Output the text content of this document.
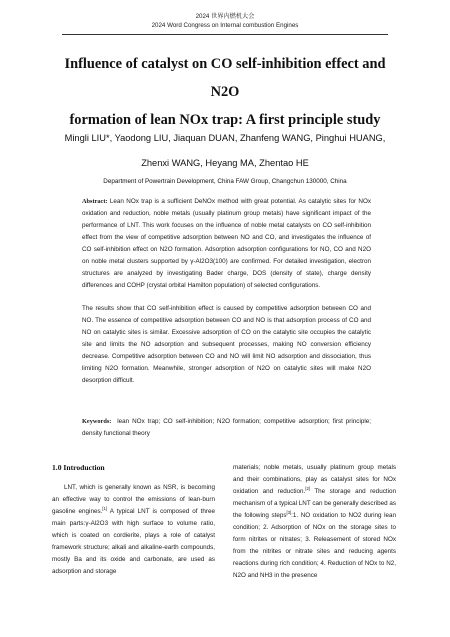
2024 世界内燃机大会
2024 Word Congress on Internal combustion Engines
Influence of catalyst on CO self-inhibition effect and N2O
formation of lean NOx trap: A first principle study
Mingli LIU*, Yaodong LIU, Jiaquan DUAN, Zhanfeng WANG, Pinghui HUANG,
Zhenxi WANG, Heyang MA, Zhentao HE
Department of Powertrain Development, China FAW Group, Changchun 130000, China

Abstract: Lean NOx trap is a sufficient DeNOx method with great potential. As catalytic sites for NOx oxidation and reduction, noble metals (usually platinum group metals) have significant impact of the performance of LNT. This work focuses on the influence of noble metal catalysts on CO self-inhibition effect from the view of competitive adsorption between NO and CO, and investigates the influence of CO self-inhibition effect on N2O formation. Adsorption adsorption configurations for NO, CO and N2O on noble metal clusters supported by γ-Al2O3(100) are confirmed. For detailed investigation, electron structures are analyzed by investigating Bader charge, DOS (density of state), charge density differences and COHP (crystal orbital Hamilton population) of selected configurations.

The results show that CO self-inhibition effect is caused by competitive adsorption between CO and NO. The essence of competitive adsorption between CO and NO is that adsorption process of CO and NO on catalytic sites is similar. Excessive adsorption of CO on the catalytic site occupies the catalytic site and limits the NO adsorption and subsequent processes, making NO conversion efficiency decrease. Competitive adsorption between CO and NO will limit NO adsorption and dissociation, thus limiting N2O formation. Meanwhile, stronger adsorption of N2O on catalytic sites will make N2O desorption difficult.

Keywords: lean NOx trap; CO self-inhibition; N2O formation; competitive adsorption; first principle; density functional theory
1.0 Introduction

LNT, which is generally known as NSR, is becoming an effective way to control the emissions of lean-burn gasoline engines.[1] A typical LNT is composed of three main parts:γ-Al2O3 with high surface to volume ratio, which is coated on cordierite, plays a role of catalyst framework structure; alkali and alkaline-earth compounds, mostly Ba and its oxide and carbonate, are used as adsorption and storage

materials; noble metals, usually platinum group metals and their combinations, play as catalyst sites for NOx oxidation and reduction.[2] The storage and reduction mechanism of a typical LNT can be generally described as the following steps[3]:1. NO oxidation to NO2 during lean condition; 2. Adsorption of NOx on the storage sites to form nitrites or nitrates; 3. Releasement of stored NOx from the nitrites or nitrate sites and reducing agents reactions during rich condition; 4. Reduction of NOx to N2, N2O and NH3 in the presence
